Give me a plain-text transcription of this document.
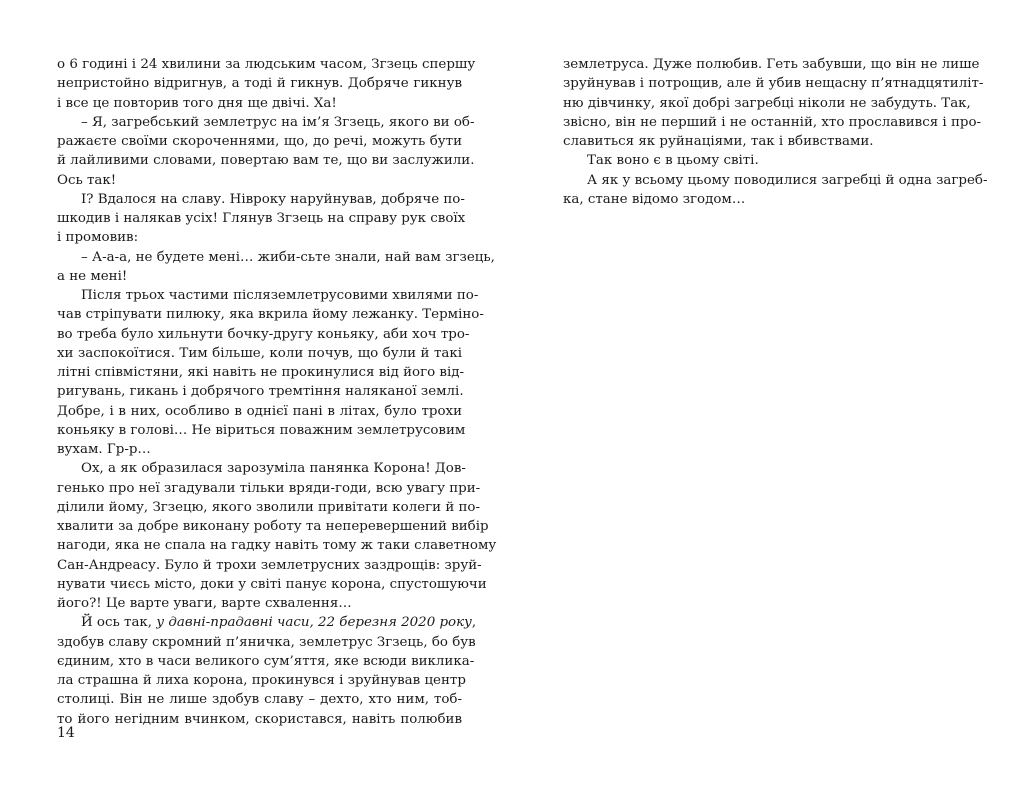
о 6 годині і 24 хвилини за людським часом, Згзець спершу
непристойно відригнув, а тоді й гикнув. Добряче гикнув
і все це повторив того дня ще двічі. Ха!
– Я, загребський землетрус на ім’я Згзець, якого ви об-
ражаєте своїми скороченнями, що, до речі, можуть бути
й лайливими словами, повертаю вам те, що ви заслужили.
Ось так!
І? Вдалося на славу. Нівроку наруйнував, добряче по-
шкодив і налякав усіх! Глянув Згзець на справу рук своїх
і промовив:
– А-а-а, не будете мені… жиби-сьте знали, най вам згзець,
а не мені!
Після трьох частими післяземлетрусовими хвилями по-
чав стріпувати пилюку, яка вкрила йому лежанку. Терміно-
во треба було хильнути бочку-другу коньяку, аби хоч тро-
хи заспокоїтися. Тим більше, коли почув, що були й такі
літні співмістяни, які навіть не прокинулися від його від-
ригувань, гикань і добрячого тремтіння наляканої землі.
Добре, і в них, особливо в однієї пані в літах, було трохи
коньяку в голові… Не віриться поважним землетрусовим
вухам. Гр-р…
Ох, а як образилася зарозуміла панянка Корона! Дов-
генько про неї згадували тільки вряди-годи, всю увагу при-
ділили йому, Згзецю, якого зволили привітати колеги й по-
хвалити за добре виконану роботу та неперевершений вибір
нагоди, яка не спала на гадку навіть тому ж таки славетному
Сан-Андреасу. Було й трохи землетрусних заздрощів: зруй-
нувати чиєсь місто, доки у світі панує корона, спустошуючи
його?! Це варте уваги, варте схвалення…
Й ось так, у давні-прадавні часи, 22 березня 2020 року,
здобув славу скромний п’яничка, землетрус Згзець, бо був
єдиним, хто в часи великого сум’яття, яке всюди виклика-
ла страшна й лиха корона, прокинувся і зруйнував центр
столиці. Він не лише здобув славу – дехто, хто ним, тоб-
то його негідним вчинком, скористався, навіть полюбив
землетруса. Дуже полюбив. Геть забувши, що він не лише
зруйнував і потрощив, але й убив нещасну п’ятнадцятиліт-
ню дівчинку, якої добрі загребці ніколи не забудуть. Так,
звісно, він не перший і не останній, хто прославився і про-
славиться як руйнаціями, так і вбивствами.
Так воно є в цьому світі.
А як у всьому цьому поводилися загребці й одна загреб-
ка, стане відомо згодом…
14
